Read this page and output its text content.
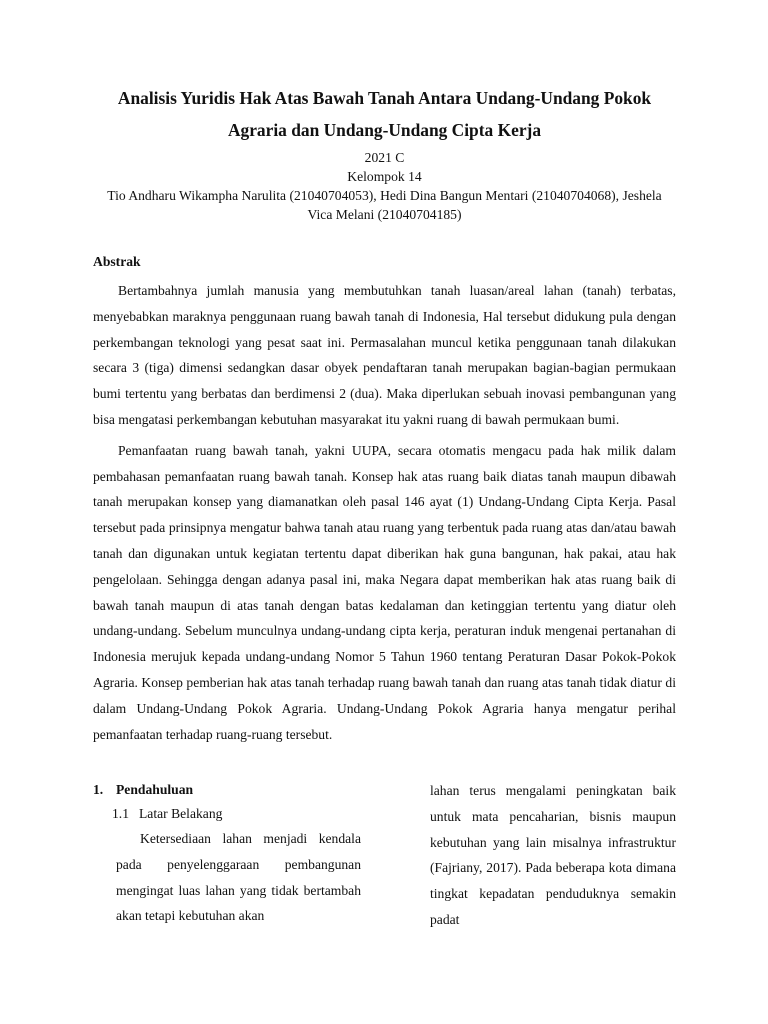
Analisis Yuridis Hak Atas Bawah Tanah Antara Undang-Undang Pokok

Agraria dan Undang-Undang Cipta Kerja

2021 C
Kelompok 14
Tio Andharu Wikampha Narulita (21040704053), Hedi Dina Bangun Mentari (21040704068), Jeshela
Vica Melani (21040704185)
Abstrak

Bertambahnya jumlah manusia yang membutuhkan tanah luasan/areal lahan (tanah) terbatas, menyebabkan maraknya penggunaan ruang bawah tanah di Indonesia, Hal tersebut didukung pula dengan perkembangan teknologi yang pesat saat ini. Permasalahan muncul ketika penggunaan tanah dilakukan secara 3 (tiga) dimensi sedangkan dasar obyek pendaftaran tanah merupakan bagian-bagian permukaan bumi tertentu yang berbatas dan berdimensi 2 (dua). Maka diperlukan sebuah inovasi pembangunan yang bisa mengatasi perkembangan kebutuhan masyarakat itu yakni ruang di bawah permukaan bumi.

Pemanfaatan ruang bawah tanah, yakni UUPA, secara otomatis mengacu pada hak milik dalam pembahasan pemanfaatan ruang bawah tanah. Konsep hak atas ruang baik diatas tanah maupun dibawah tanah merupakan konsep yang diamanatkan oleh pasal 146 ayat (1) Undang-Undang Cipta Kerja. Pasal tersebut pada prinsipnya mengatur bahwa tanah atau ruang yang terbentuk pada ruang atas dan/atau bawah tanah dan digunakan untuk kegiatan tertentu dapat diberikan hak guna bangunan, hak pakai, atau hak pengelolaan. Sehingga dengan adanya pasal ini, maka Negara dapat memberikan hak atas ruang baik di bawah tanah maupun di atas tanah dengan batas kedalaman dan ketinggian tertentu yang diatur oleh undang-undang. Sebelum munculnya undang-undang cipta kerja, peraturan induk mengenai pertanahan di Indonesia merujuk kepada undang-undang Nomor 5 Tahun 1960 tentang Peraturan Dasar Pokok-Pokok Agraria. Konsep pemberian hak atas tanah terhadap ruang bawah tanah dan ruang atas tanah tidak diatur di dalam Undang-Undang Pokok Agraria. Undang-Undang Pokok Agraria hanya mengatur perihal pemanfaatan terhadap ruang-ruang tersebut.

1. Pendahuluan

1.1 Latar Belakang

Ketersediaan lahan menjadi kendala pada penyelenggaraan pembangunan mengingat luas lahan yang tidak bertambah akan tetapi kebutuhan akan

lahan terus mengalami peningkatan baik untuk mata pencaharian, bisnis maupun kebutuhan yang lain misalnya infrastruktur (Fajriany, 2017). Pada beberapa kota dimana tingkat kepadatan penduduknya semakin padat
